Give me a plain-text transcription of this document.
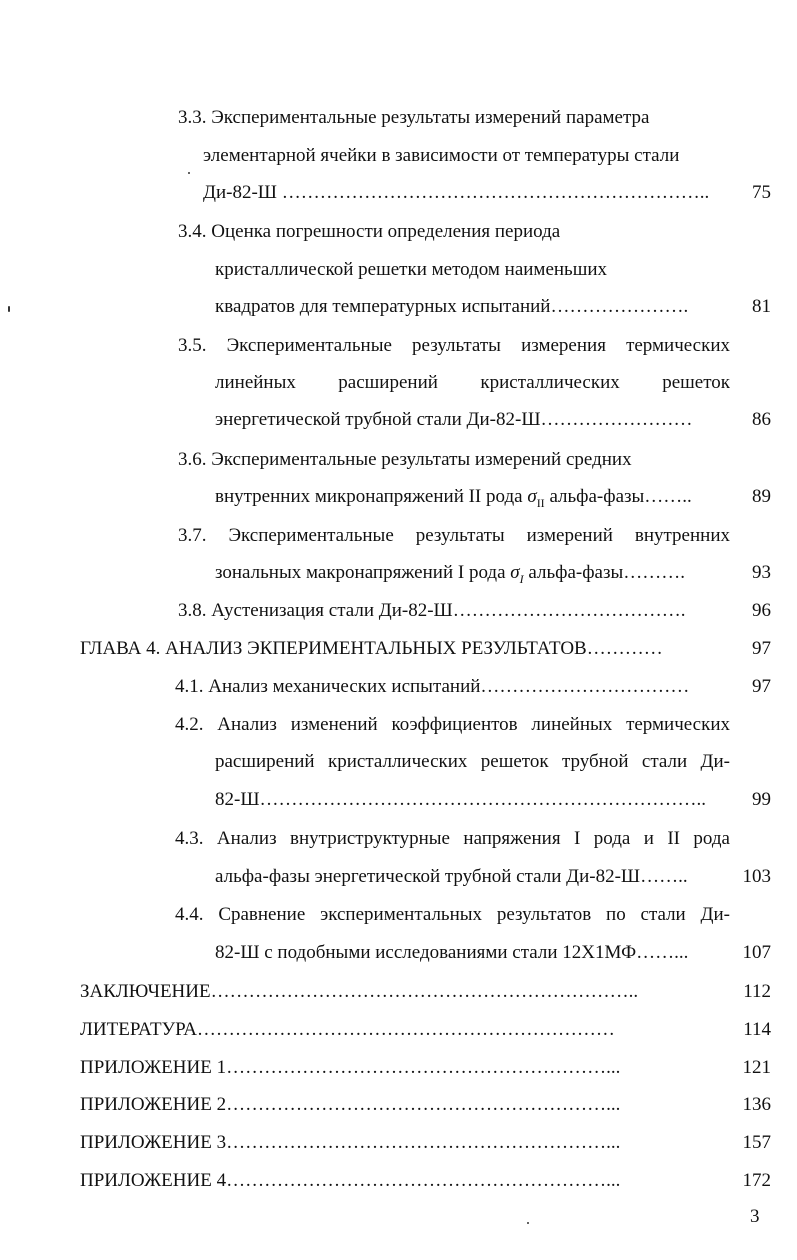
3.3. Экспериментальные результаты измерений параметра
элементарной ячейки в зависимости от температуры стали
Ди-82-Ш …………………………………………………………..	75
3.4. Оценка погрешности определения периода
кристаллической решетки методом наименьших
квадратов для температурных испытаний………………….	81
3.5. Экспериментальные результаты измерения термических
линейных расширений кристаллических решеток
энергетической трубной стали Ди-82-Ш……………………	86
3.6. Экспериментальные результаты измерений средних
внутренних микронапряжений II рода $\sigma_{II}$ альфа-фазы……..	89
3.7. Экспериментальные результаты измерений внутренних
зональных макронапряжений I рода $\sigma_I$ альфа-фазы……….	93
3.8. Аустенизация стали Ди-82-Ш……………………………….	96
ГЛАВА 4. АНАЛИЗ ЭКПЕРИМЕНТАЛЬНЫХ РЕЗУЛЬТАТОВ…………	97
4.1. Анализ механических испытаний……………………………	97
4.2. Анализ изменений коэффициентов линейных термических
расширений кристаллических решеток трубной стали Ди-
82-Ш……………………………………………………………..	99
4.3. Анализ внутриструктурные напряжения I рода и II рода
альфа-фазы энергетической трубной стали Ди-82-Ш……..	103
4.4. Сравнение экспериментальных результатов по стали Ди-
82-Ш с подобными исследованиями стали 12Х1МФ……...	107
ЗАКЛЮЧЕНИЕ…………………………………………………………..	112
ЛИТЕРАТУРА…………………………………………………………	114
ПРИЛОЖЕНИЕ 1……………………………………………………...	121
ПРИЛОЖЕНИЕ 2……………………………………………………...	136
ПРИЛОЖЕНИЕ 3……………………………………………………...	157
ПРИЛОЖЕНИЕ 4……………………………………………………...	172
3
